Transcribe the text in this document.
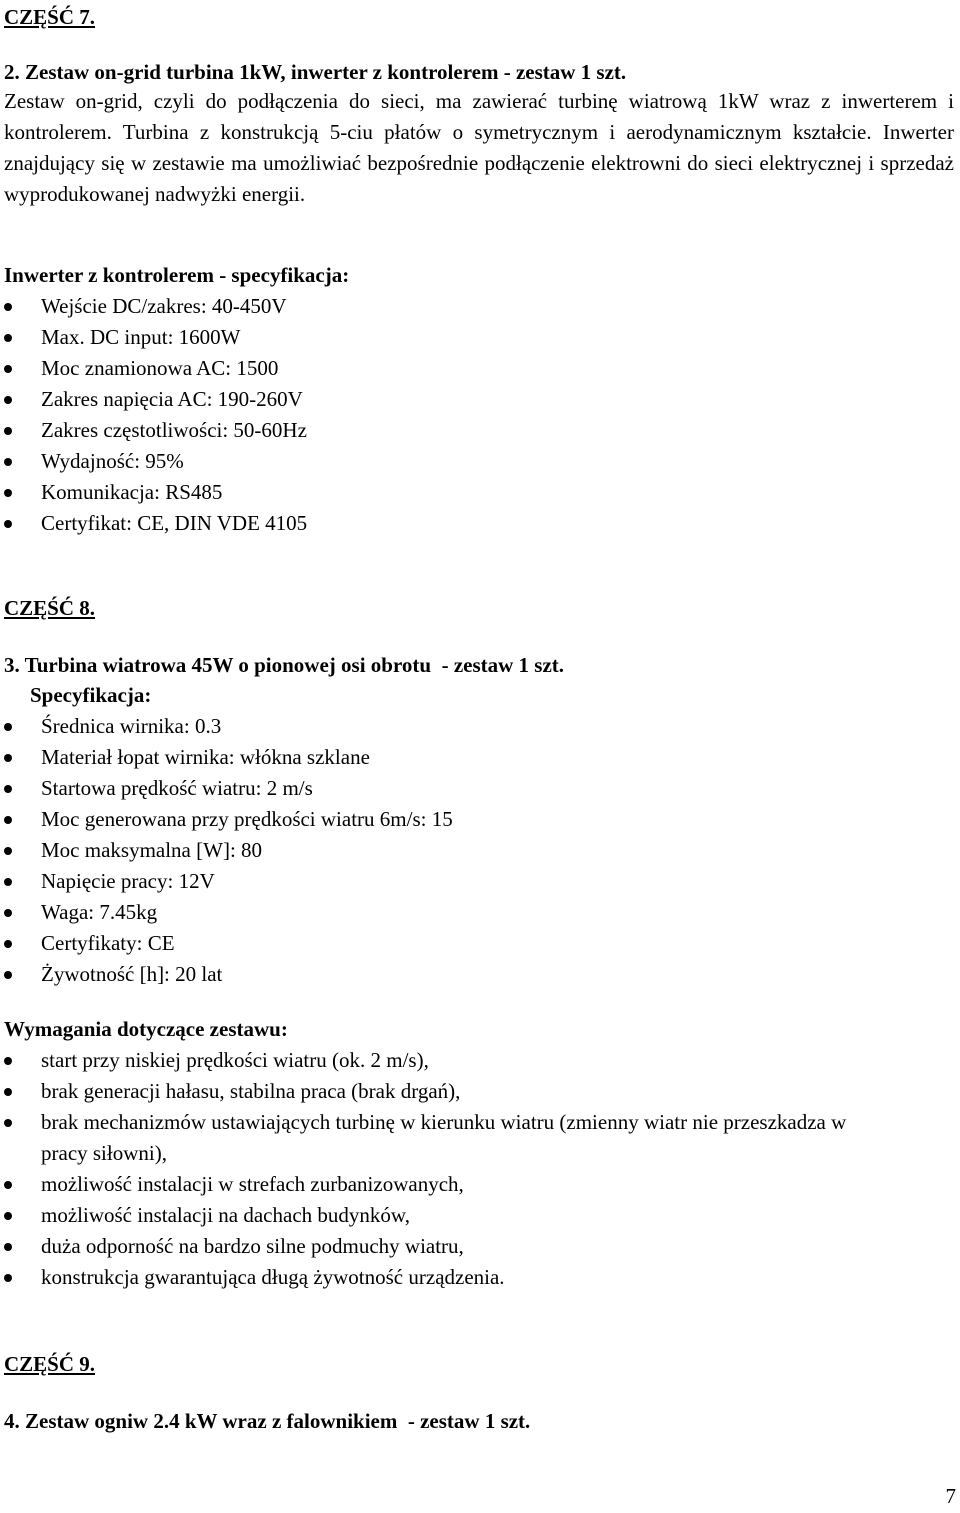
CZĘŚĆ 7.

2. Zestaw on-grid turbina 1kW, inwerter z kontrolerem - zestaw 1 szt.

Zestaw on-grid, czyli do podłączenia do sieci, ma zawierać turbinę wiatrową 1kW wraz z inwerterem i kontrolerem. Turbina z konstrukcją 5-ciu płatów o symetrycznym i aerodynamicznym kształcie. Inwerter znajdujący się w zestawie ma umożliwiać bezpośrednie podłączenie elektrowni do sieci elektrycznej i sprzedaż wyprodukowanej nadwyżki energii.

Inwerter z kontrolerem - specyfikacja:

Wejście DC/zakres: 40-450V
Max. DC input: 1600W
Moc znamionowa AC: 1500
Zakres napięcia AC: 190-260V
Zakres częstotliwości: 50-60Hz
Wydajność: 95%
Komunikacja: RS485
Certyfikat: CE, DIN VDE 4105

CZĘŚĆ 8.

3. Turbina wiatrowa 45W o pionowej osi obrotu  - zestaw 1 szt.

Specyfikacja:

Średnica wirnika: 0.3
Materiał łopat wirnika: włókna szklane
Startowa prędkość wiatru: 2 m/s
Moc generowana przy prędkości wiatru 6m/s: 15
Moc maksymalna [W]: 80
Napięcie pracy: 12V
Waga: 7.45kg
Certyfikaty: CE
Żywotność [h]: 20 lat

Wymagania dotyczące zestawu:

start przy niskiej prędkości wiatru (ok. 2 m/s),
brak generacji hałasu, stabilna praca (brak drgań),
brak mechanizmów ustawiających turbinę w kierunku wiatru (zmienny wiatr nie przeszkadza w pracy siłowni),
możliwość instalacji w strefach zurbanizowanych,
możliwość instalacji na dachach budynków,
duża odporność na bardzo silne podmuchy wiatru,
konstrukcja gwarantująca długą żywotność urządzenia.

CZĘŚĆ 9.

4. Zestaw ogniw 2.4 kW wraz z falownikiem  - zestaw 1 szt.

7
